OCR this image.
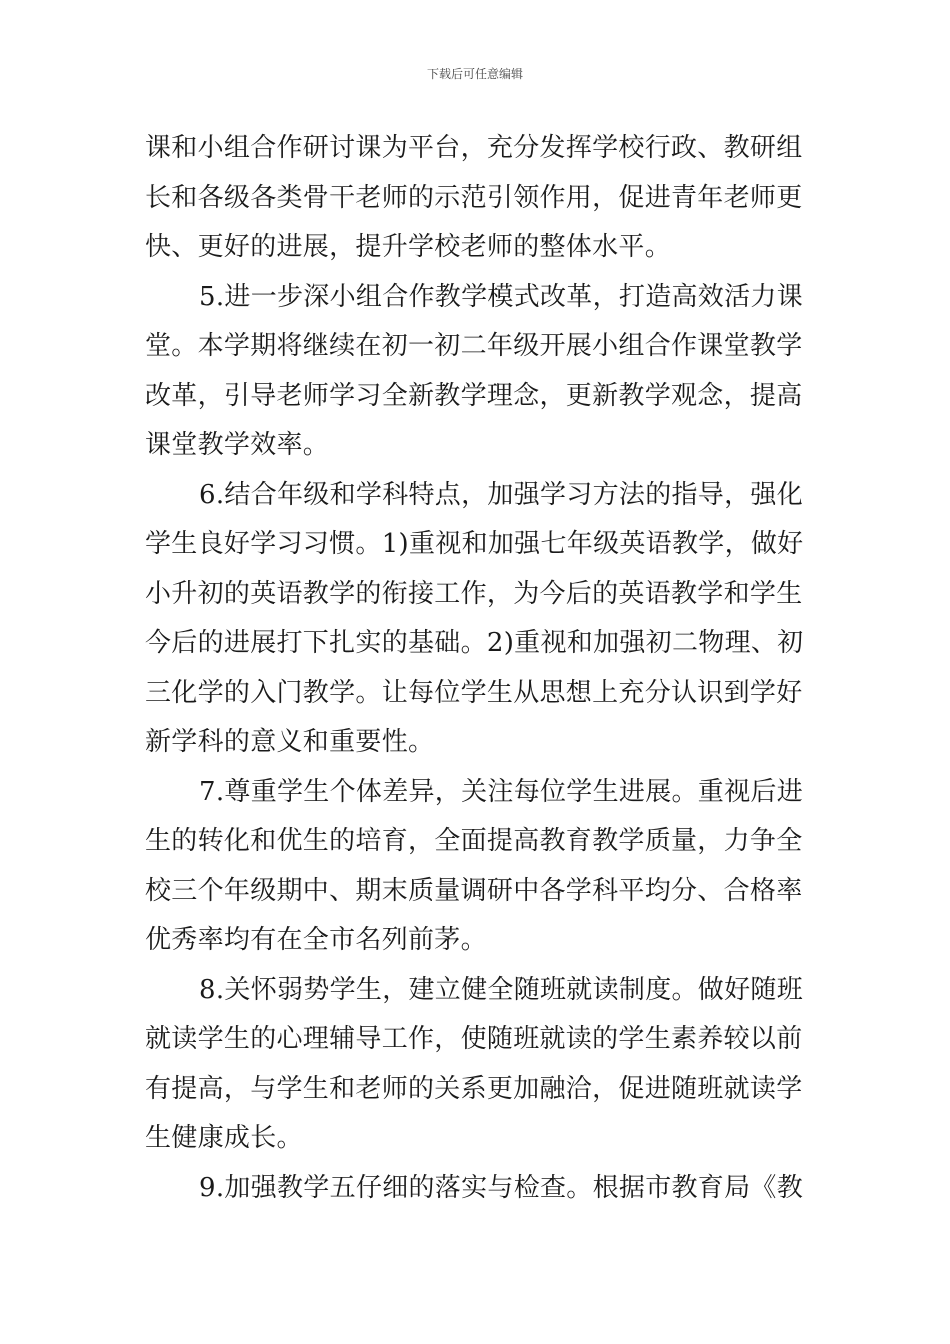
下载后可任意编辑
课和小组合作研讨课为平台，充分发挥学校行政、教研组
长和各级各类骨干老师的示范引领作用，促进青年老师更
快、更好的进展，提升学校老师的整体水平。
5.进一步深小组合作教学模式改革，打造高效活力课
堂。本学期将继续在初一初二年级开展小组合作课堂教学
改革，引导老师学习全新教学理念，更新教学观念，提高
课堂教学效率。
6.结合年级和学科特点，加强学习方法的指导，强化
学生良好学习习惯。1)重视和加强七年级英语教学，做好
小升初的英语教学的衔接工作，为今后的英语教学和学生
今后的进展打下扎实的基础。2)重视和加强初二物理、初
三化学的入门教学。让每位学生从思想上充分认识到学好
新学科的意义和重要性。
7.尊重学生个体差异，关注每位学生进展。重视后进
生的转化和优生的培育，全面提高教育教学质量，力争全
校三个年级期中、期末质量调研中各学科平均分、合格率
优秀率均有在全市名列前茅。
8.关怀弱势学生，建立健全随班就读制度。做好随班
就读学生的心理辅导工作，使随班就读的学生素养较以前
有提高，与学生和老师的关系更加融洽，促进随班就读学
生健康成长。
9.加强教学五仔细的落实与检查。根据市教育局《教
